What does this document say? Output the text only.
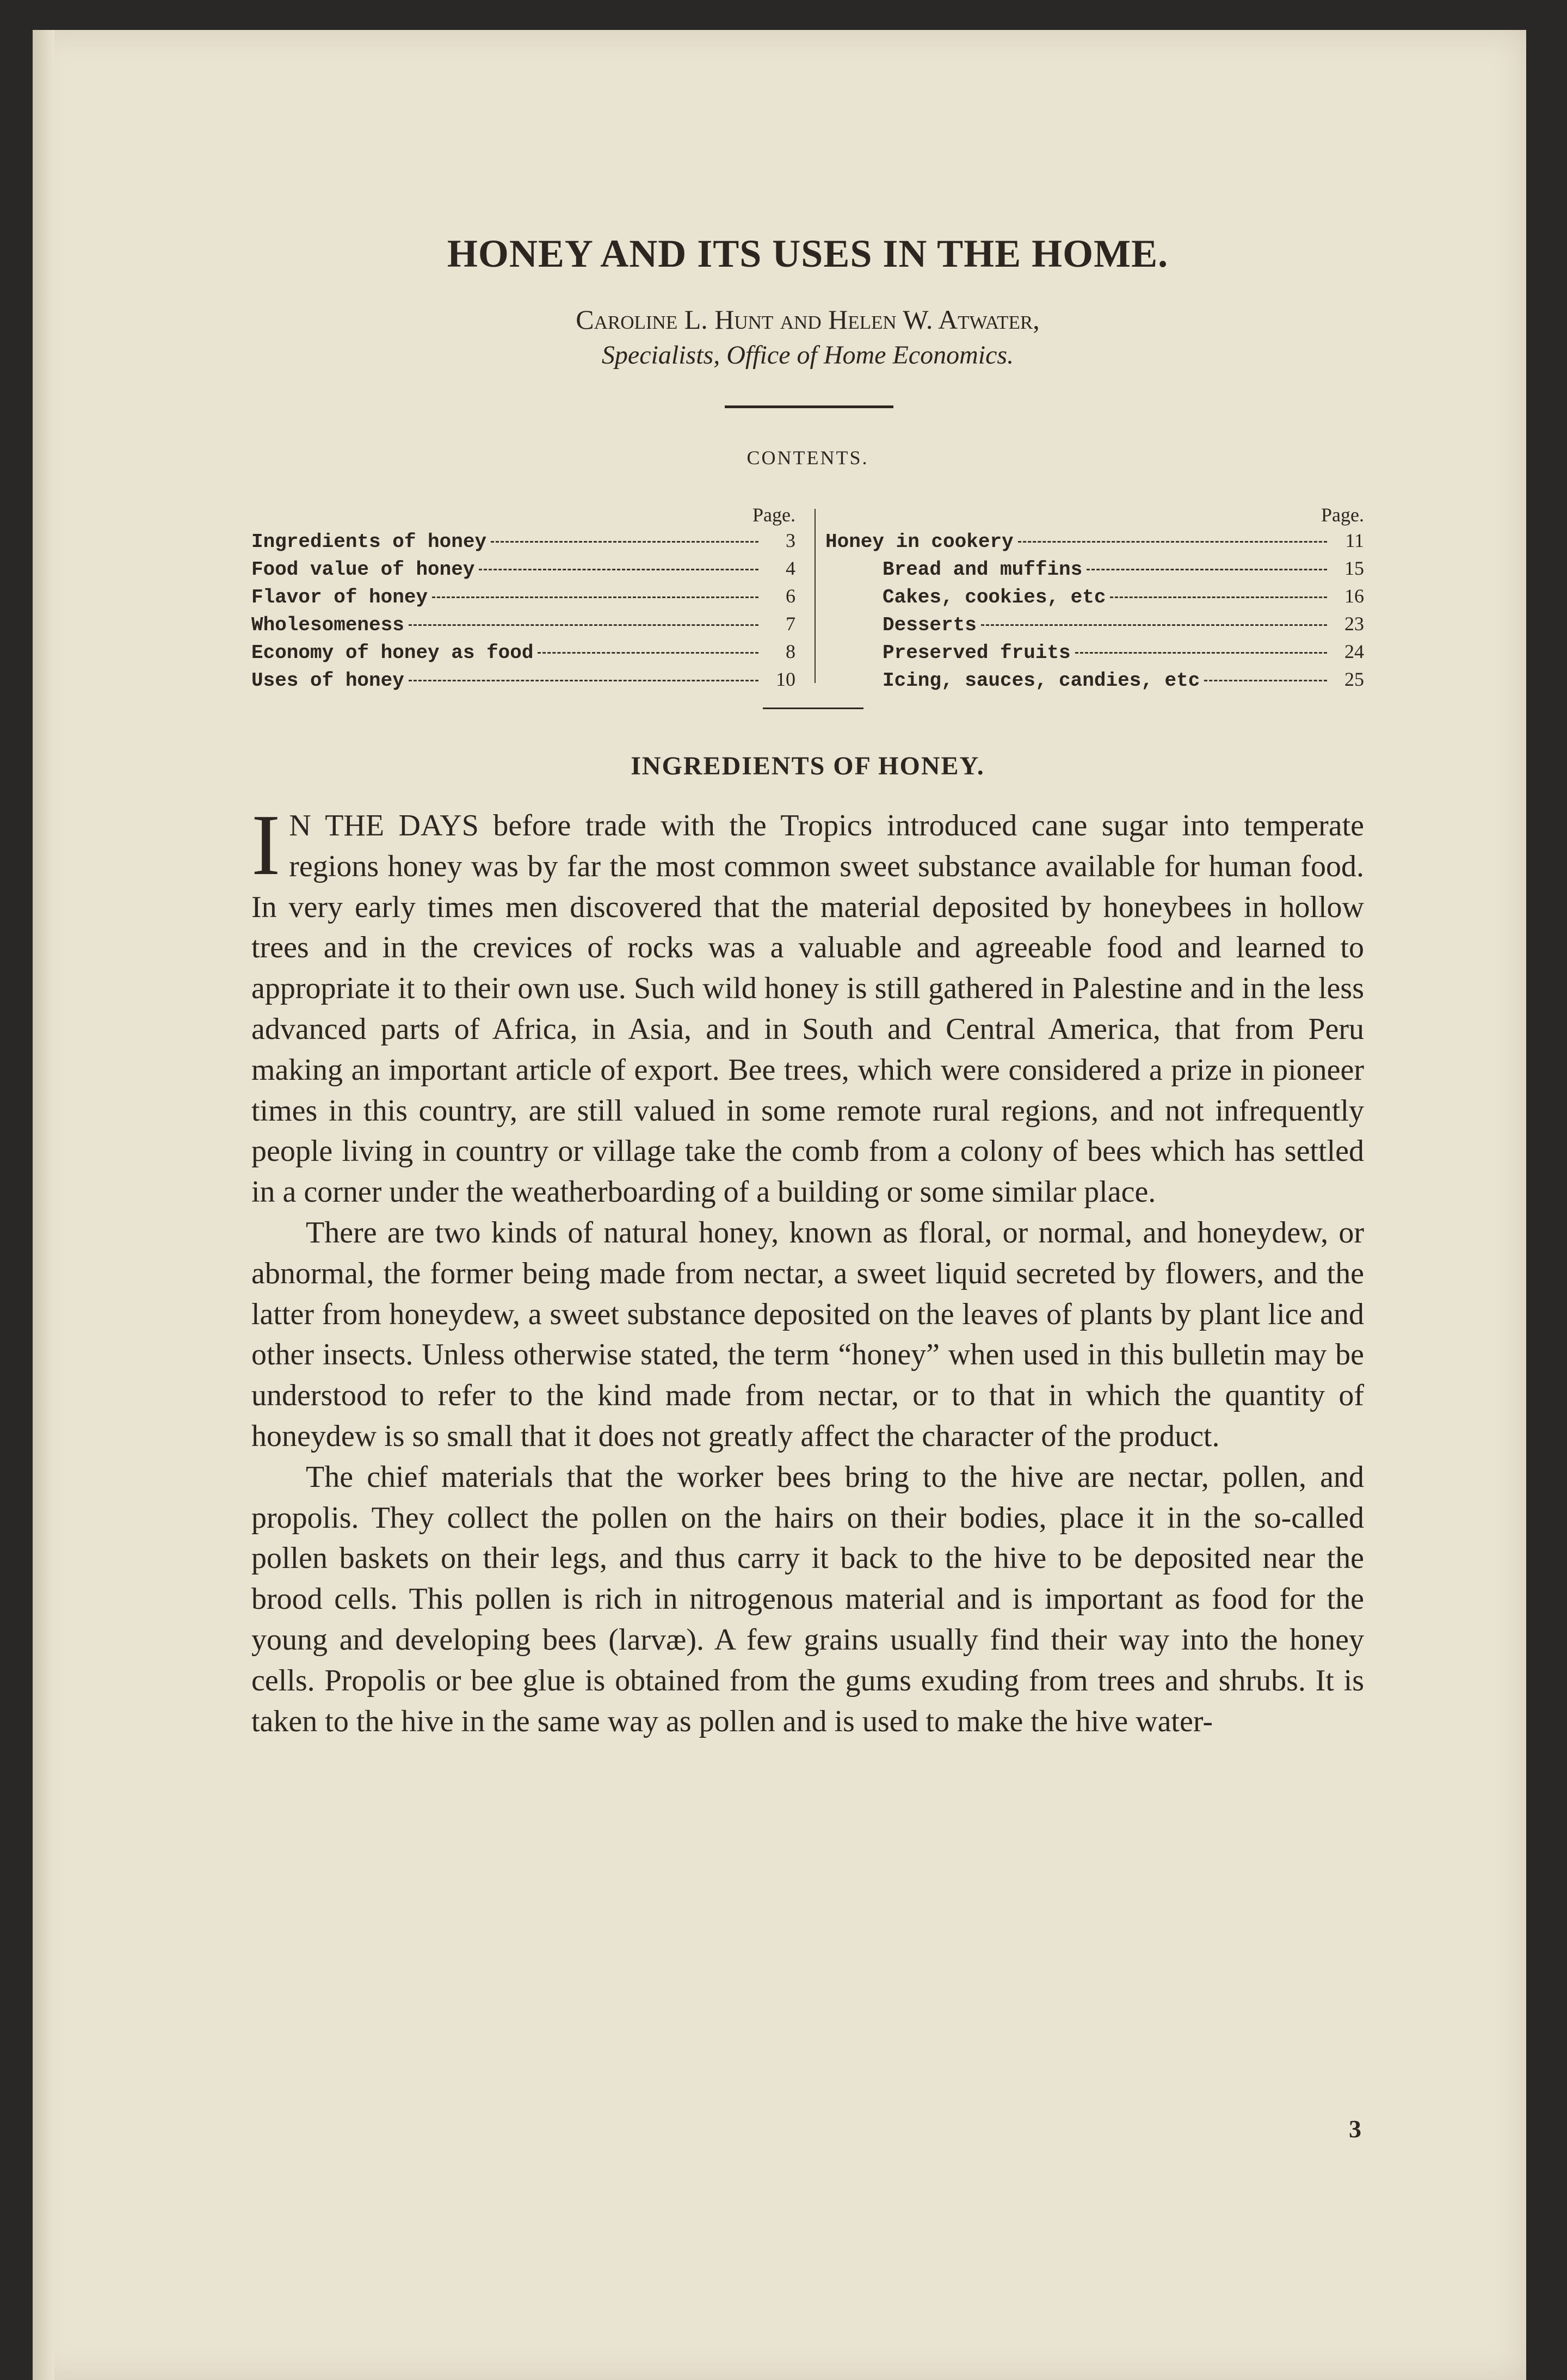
HONEY AND ITS USES IN THE HOME.
Caroline L. Hunt and Helen W. Atwater,
Specialists, Office of Home Economics.
CONTENTS.
Page.
Ingredients of honey	3
Food value of honey	4
Flavor of honey	6
Wholesomeness	7
Economy of honey as food	8
Uses of honey	10
Page.
Honey in cookery	11
Bread and muffins	15
Cakes, cookies, etc	16
Desserts	23
Preserved fruits	24
Icing, sauces, candies, etc	25
INGREDIENTS OF HONEY.

I N THE DAYS before trade with the Tropics introduced cane sugar into temperate regions honey was by far the most common sweet substance available for human food. In very early times men discovered that the material deposited by honeybees in hollow trees and in the crevices of rocks was a valuable and agreeable food and learned to appropriate it to their own use. Such wild honey is still gathered in Palestine and in the less advanced parts of Africa, in Asia, and in South and Central America, that from Peru making an important article of export. Bee trees, which were considered a prize in pioneer times in this country, are still valued in some remote rural regions, and not infrequently people living in country or village take the comb from a colony of bees which has settled in a corner under the weatherboarding of a building or some similar place.

There are two kinds of natural honey, known as floral, or normal, and honeydew, or abnormal, the former being made from nectar, a sweet liquid secreted by flowers, and the latter from honeydew, a sweet substance deposited on the leaves of plants by plant lice and other insects. Unless otherwise stated, the term “honey” when used in this bulletin may be understood to refer to the kind made from nectar, or to that in which the quantity of honeydew is so small that it does not greatly affect the character of the product.

The chief materials that the worker bees bring to the hive are nectar, pollen, and propolis. They collect the pollen on the hairs on their bodies, place it in the so-called pollen baskets on their legs, and thus carry it back to the hive to be deposited near the brood cells. This pollen is rich in nitrogenous material and is important as food for the young and developing bees (larvæ). A few grains usually find their way into the honey cells. Propolis or bee glue is obtained from the gums exuding from trees and shrubs. It is taken to the hive in the same way as pollen and is used to make the hive water-

3
